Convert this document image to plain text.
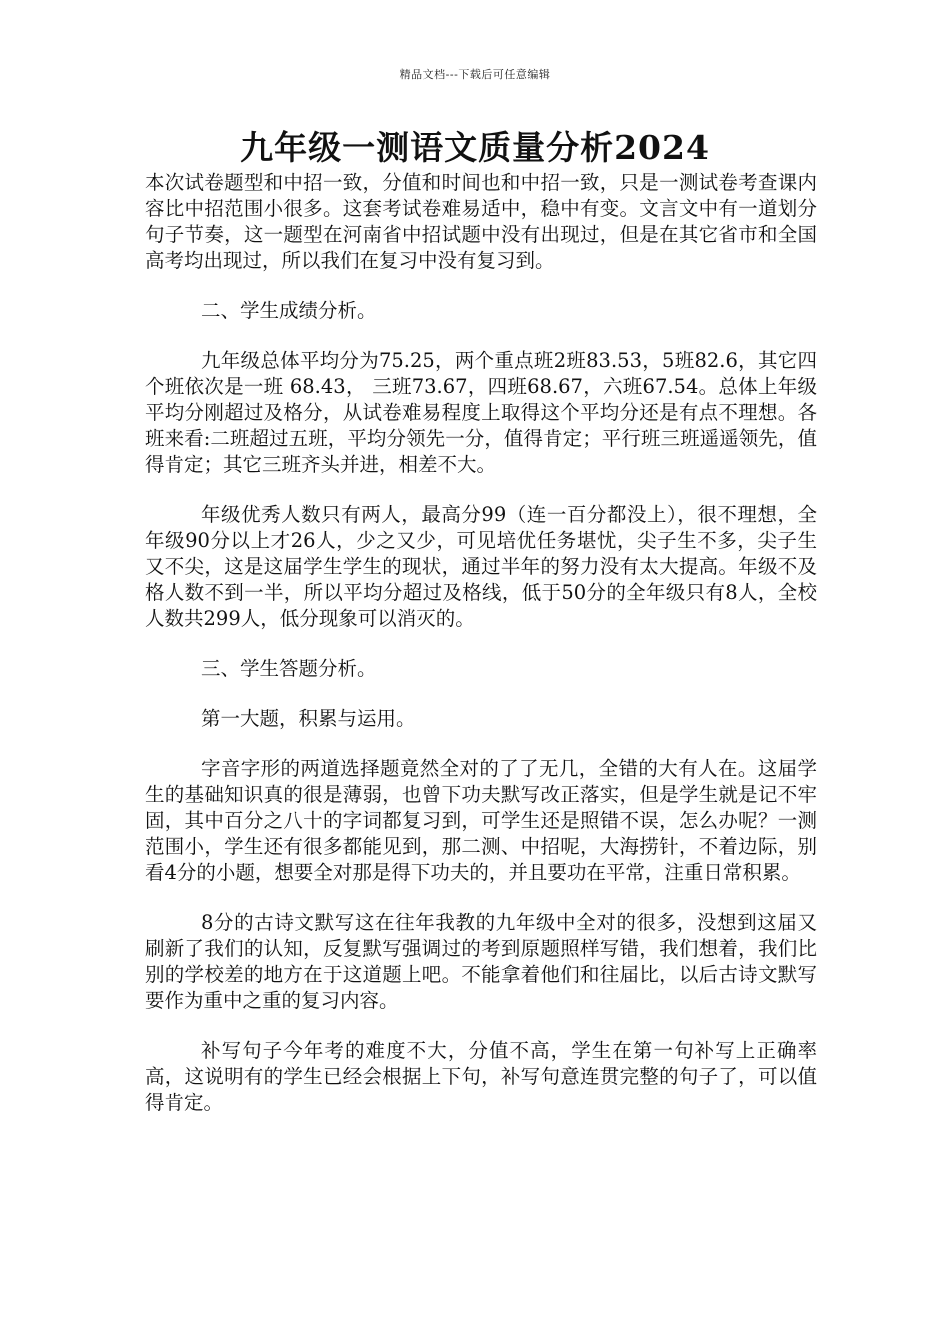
精品文档---下载后可任意编辑
九年级一测语文质量分析2024

本次试卷题型和中招一致，分值和时间也和中招一致，只是一测试卷考查课内容比中招范围小很多。这套考试卷难易适中，稳中有变。文言文中有一道划分句子节奏，这一题型在河南省中招试题中没有出现过，但是在其它省市和全国高考均出现过，所以我们在复习中没有复习到。

二、学生成绩分析。

九年级总体平均分为75.25，两个重点班2班83.53，5班82.6，其它四个班依次是一班 68.43， 三班73.67，四班68.67，六班67.54。总体上年级平均分刚超过及格分，从试卷难易程度上取得这个平均分还是有点不理想。各班来看:二班超过五班，平均分领先一分，值得肯定；平行班三班遥遥领先，值得肯定；其它三班齐头并进，相差不大。

年级优秀人数只有两人，最高分99（连一百分都没上），很不理想，全年级90分以上才26人，少之又少，可见培优任务堪忧，尖子生不多，尖子生又不尖，这是这届学生学生的现状，通过半年的努力没有太大提高。年级不及格人数不到一半，所以平均分超过及格线，低于50分的全年级只有8人，全校人数共299人，低分现象可以消灭的。

三、学生答题分析。

第一大题，积累与运用。

字音字形的两道选择题竟然全对的了了无几，全错的大有人在。这届学生的基础知识真的很是薄弱，也曾下功夫默写改正落实，但是学生就是记不牢固，其中百分之八十的字词都复习到，可学生还是照错不误，怎么办呢？一测范围小，学生还有很多都能见到，那二测、中招呢，大海捞针，不着边际，别看4分的小题，想要全对那是得下功夫的，并且要功在平常，注重日常积累。

8分的古诗文默写这在往年我教的九年级中全对的很多，没想到这届又刷新了我们的认知，反复默写强调过的考到原题照样写错，我们想着，我们比别的学校差的地方在于这道题上吧。不能拿着他们和往届比，以后古诗文默写要作为重中之重的复习内容。

补写句子今年考的难度不大，分值不高，学生在第一句补写上正确率高，这说明有的学生已经会根据上下句，补写句意连贯完整的句子了，可以值得肯定。
